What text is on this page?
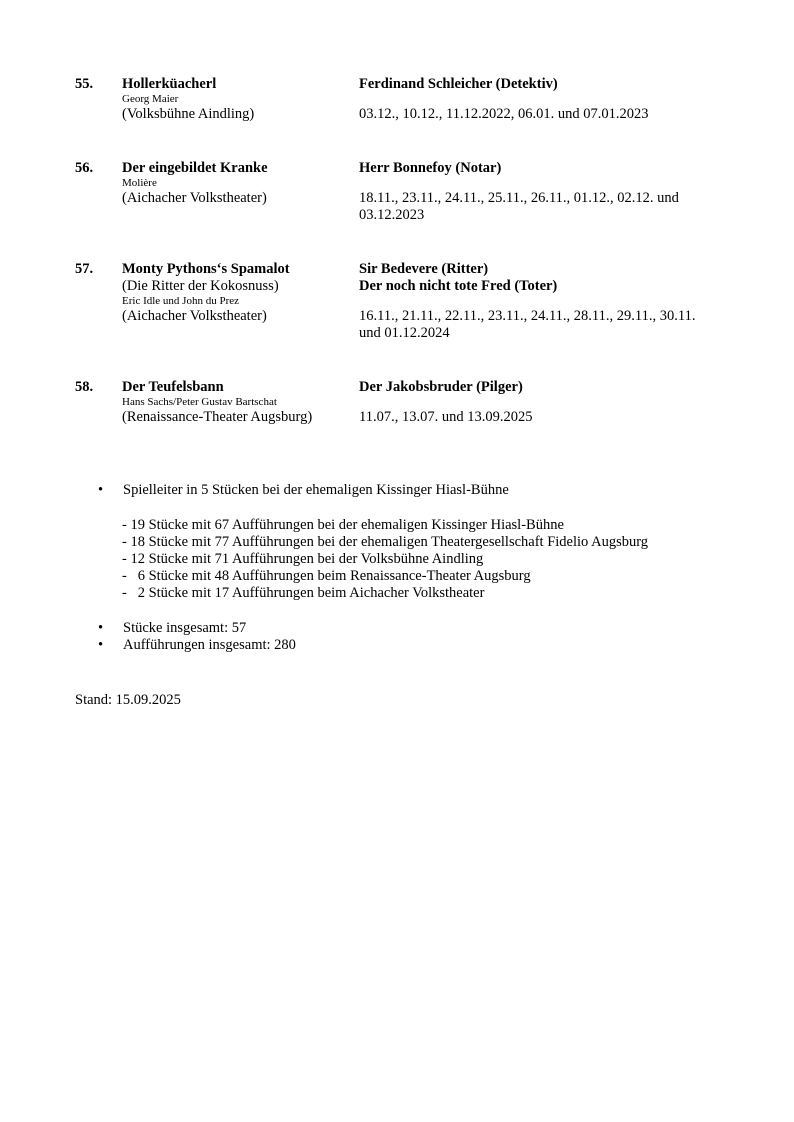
55. Hollerküacherl
Georg Maier
(Volksbühne Aindling)
Ferdinand Schleicher (Detektiv)
03.12., 10.12., 11.12.2022, 06.01. und 07.01.2023
56. Der eingebildet Kranke
Molière
(Aichacher Volkstheater)
Herr Bonnefoy (Notar)
18.11., 23.11., 24.11., 25.11., 26.11., 01.12., 02.12. und 03.12.2023
57. Monty Pythons‘s Spamalot
(Die Ritter der Kokosnuss)
Eric Idle und John du Prez
(Aichacher Volkstheater)
Sir Bedevere (Ritter)
Der noch nicht tote Fred (Toter)
16.11., 21.11., 22.11., 23.11., 24.11., 28.11., 29.11., 30.11. und 01.12.2024
58. Der Teufelsbann
Hans Sachs/Peter Gustav Bartschat
(Renaissance-Theater Augsburg)
Der Jakobsbruder (Pilger)
11.07., 13.07. und 13.09.2025
• Spielleiter in 5 Stücken bei der ehemaligen Kissinger Hiasl-Bühne
- 19 Stücke mit 67 Aufführungen bei der ehemaligen Kissinger Hiasl-Bühne
- 18 Stücke mit 77 Aufführungen bei der ehemaligen Theatergesellschaft Fidelio Augsburg
- 12 Stücke mit 71 Aufführungen bei der Volksbühne Aindling
-   6 Stücke mit 48 Aufführungen beim Renaissance-Theater Augsburg
-   2 Stücke mit 17 Aufführungen beim Aichacher Volkstheater
• Stücke insgesamt: 57
• Aufführungen insgesamt: 280
Stand: 15.09.2025
